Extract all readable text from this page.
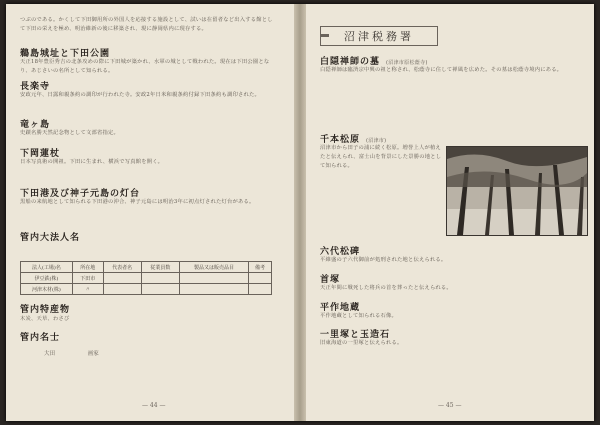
つぶのである。かくして下田御用所の外国人を応接する施設として、試いは在留者など出入する館として下田の栄えを極め、明治維新の後に移築され、現に静岡県内に現存する。
鵜島城址と下田公園
天正18年豊臣秀吉の北条攻めの際に下田城が築かれ、水軍の城として戦われた。現在は下田公園となり、あじさいの名所として知られる。
長楽寺
安政元年、日露和親条約の調印が行われた寺。安政2年日米和親条約付録下田条約も調印された。
竜ヶ島
史蹟名勝天然記念物として文部省指定。
下岡蓮杖
日本写真術の開祖。下田に生まれ、横浜で写真館を開く。
下田港及び神子元島の灯台
黒船の来航地として知られる下田港の沖合、神子元島には明治3年に初点灯された灯台がある。
管内大法人名
法人(工場)名	所在地	代表者名	従業員数	製品又は販売品目	備考
伊豆鉄(株)	下田市				
河津木材(株)	〃				
管内特産物
木炭、天草、わさび
管内名士
大田	画家
— 44 —
沼津税務署
白隠禅師の墓 (沼津市原松蔭寺)
白隠禅師は臨済宗中興の祖と称され、松蔭寺に住して禅風を広めた。その墓は松蔭寺境内にある。
千本松原 (沼津市)
沼津市から田子の浦に続く松原。増誉上人が植えたと伝えられ、富士山を背景にした景勝の地として知られる。
六代松碑
平維盛の子六代御前が処刑された地と伝えられる。
首塚
天正年間に戦死した将兵の首を葬ったと伝えられる。
平作地蔵
平作地蔵として知られる石像。
一里塚と玉造石
旧東海道の一里塚と伝えられる。
— 45 —
